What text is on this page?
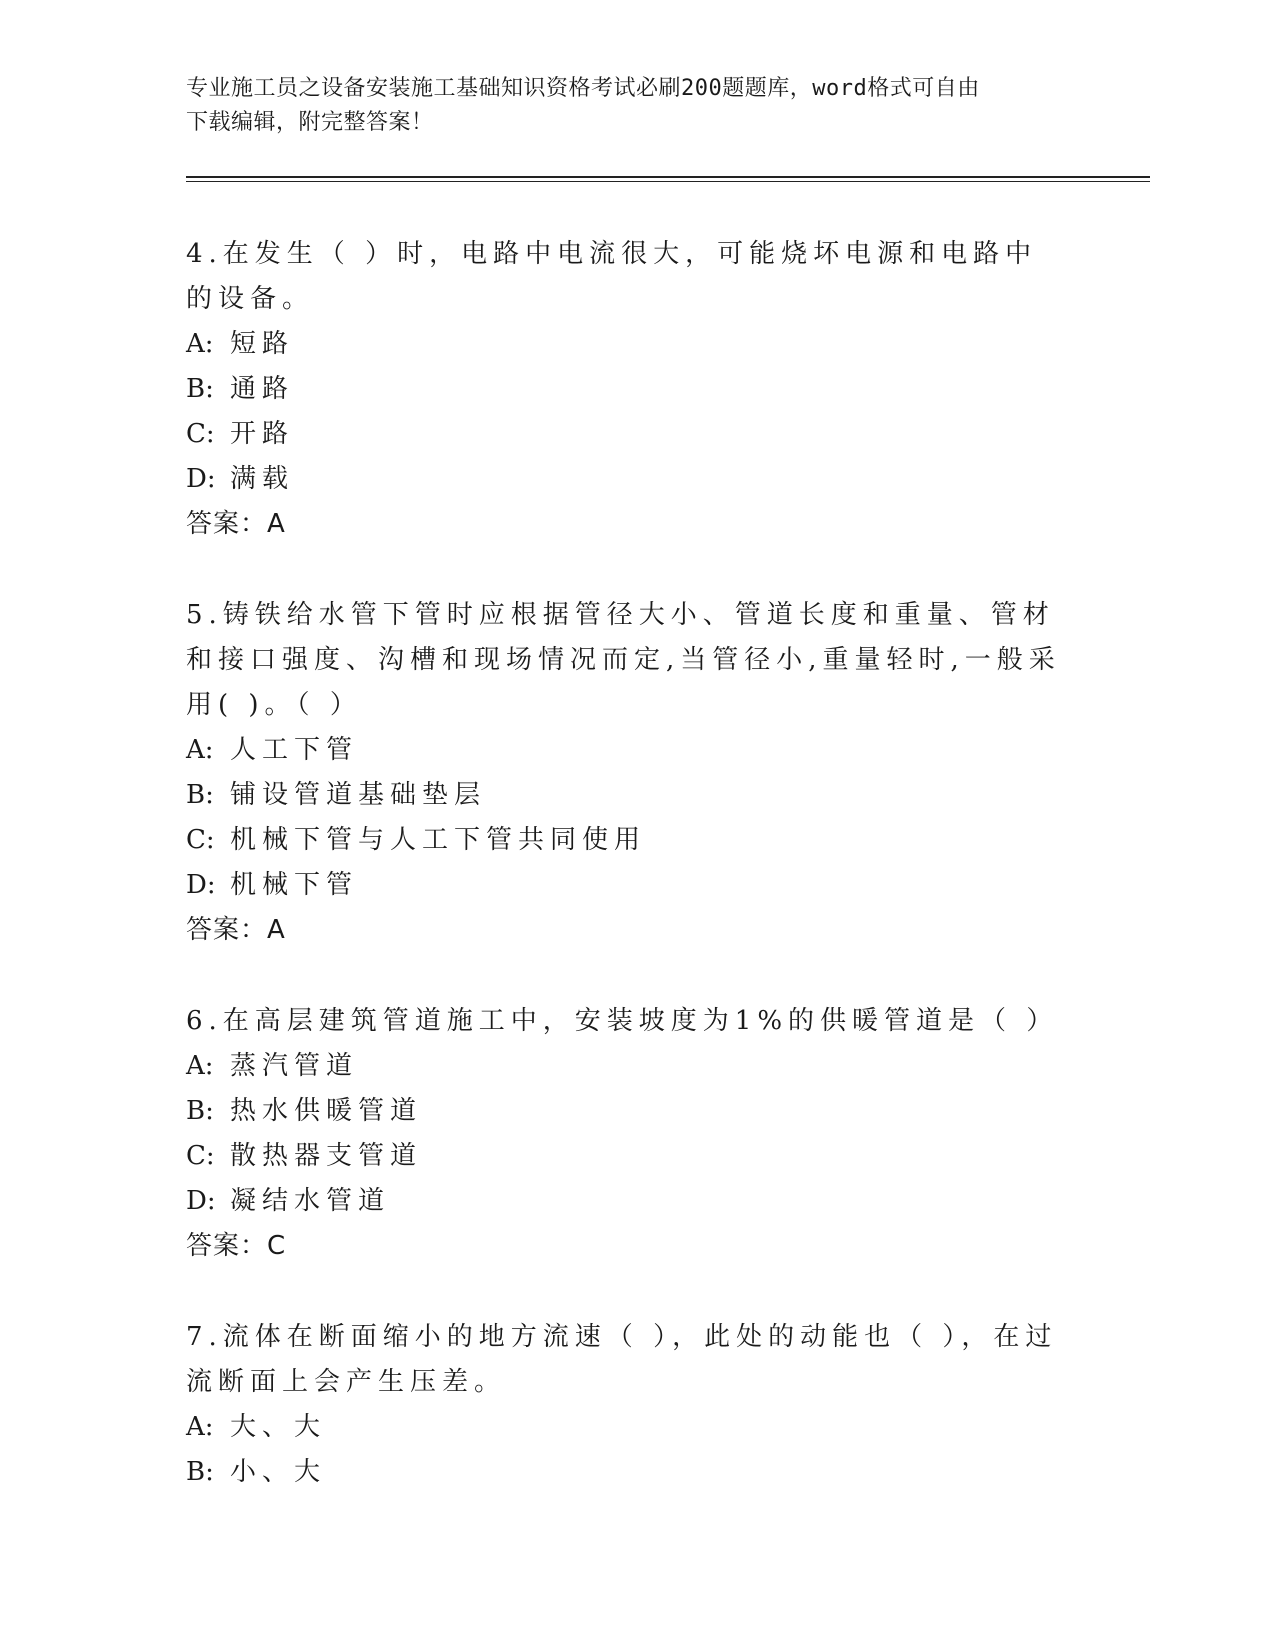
专业施工员之设备安装施工基础知识资格考试必刷200题题库，word格式可自由
下载编辑，附完整答案！
4.在发生（ ）时，电路中电流很大，可能烧坏电源和电路中的设备。
A: 短路
B: 通路
C: 开路
D: 满载
答案：A
5.铸铁给水管下管时应根据管径大小、管道长度和重量、管材和接口强度、沟槽和现场情况而定,当管径小,重量轻时,一般采用( )。（ ）
A: 人工下管
B: 铺设管道基础垫层
C: 机械下管与人工下管共同使用
D: 机械下管
答案：A
6.在高层建筑管道施工中，安装坡度为1%的供暖管道是（ ）
A: 蒸汽管道
B: 热水供暖管道
C: 散热器支管道
D: 凝结水管道
答案：C
7.流体在断面缩小的地方流速（ ），此处的动能也（ ），在过流断面上会产生压差。
A: 大、大
B: 小、大
